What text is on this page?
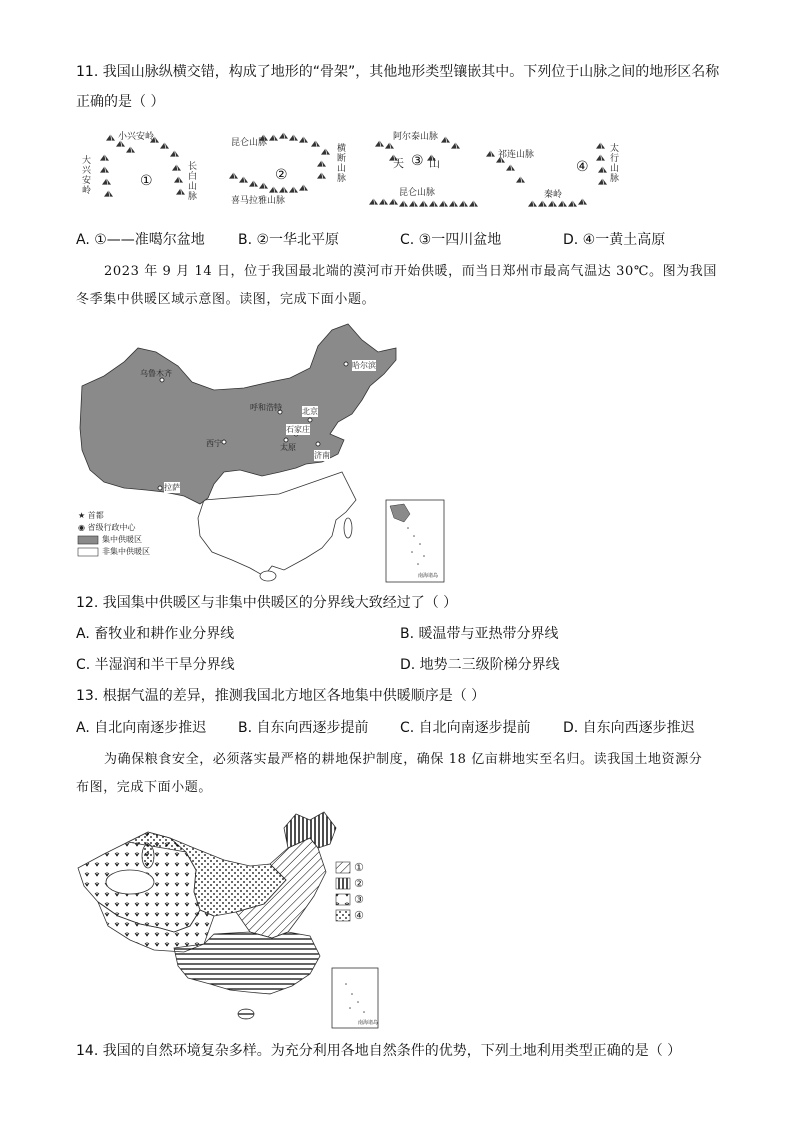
11. 我国山脉纵横交错，构成了地形的“骨架”，其他地形类型镶嵌其中。下列位于山脉之间的地形区名称
正确的是（ ）
小兴安岭
大兴安岭
长白山脉
①
昆仑山脉
横断山脉
喜马拉雅山脉
②
阿尔泰山脉
天 ③ 山
昆仑山脉
祁连山脉
太行山脉
秦岭
④
A. ①——准噶尔盆地 B. ②一华北平原	C. ③一四川盆地	D. ④一黄土高原
2023 年 9 月 14 日，位于我国最北端的漠河市开始供暖，而当日郑州市最高气温达 30℃。图为我国
冬季集中供暖区域示意图。读图，完成下面小题。
乌鲁木齐
哈尔滨
呼和浩特	北京
石家庄
太原
济南
西宁
拉萨
★ 首都
◉ 省级行政中心
集中供暖区
非集中供暖区
南海诸岛
12. 我国集中供暖区与非集中供暖区的分界线大致经过了（ ）
A. 畜牧业和耕作业分界线	B. 暖温带与亚热带分界线
C. 半湿润和半干旱分界线	D. 地势二三级阶梯分界线
13. 根据气温的差异，推测我国北方地区各地集中供暖顺序是（ ）
A. 自北向南逐步推迟 B. 自东向西逐步提前 C. 自北向南逐步提前 D. 自东向西逐步推迟
为确保粮食安全，必须落实最严格的耕地保护制度，确保 18 亿亩耕地实至名归。读我国土地资源分
布图，完成下面小题。
①
②
③
④
南海诸岛
14. 我国的自然环境复杂多样。为充分利用各地自然条件的优势，下列土地利用类型正确的是（ ）
